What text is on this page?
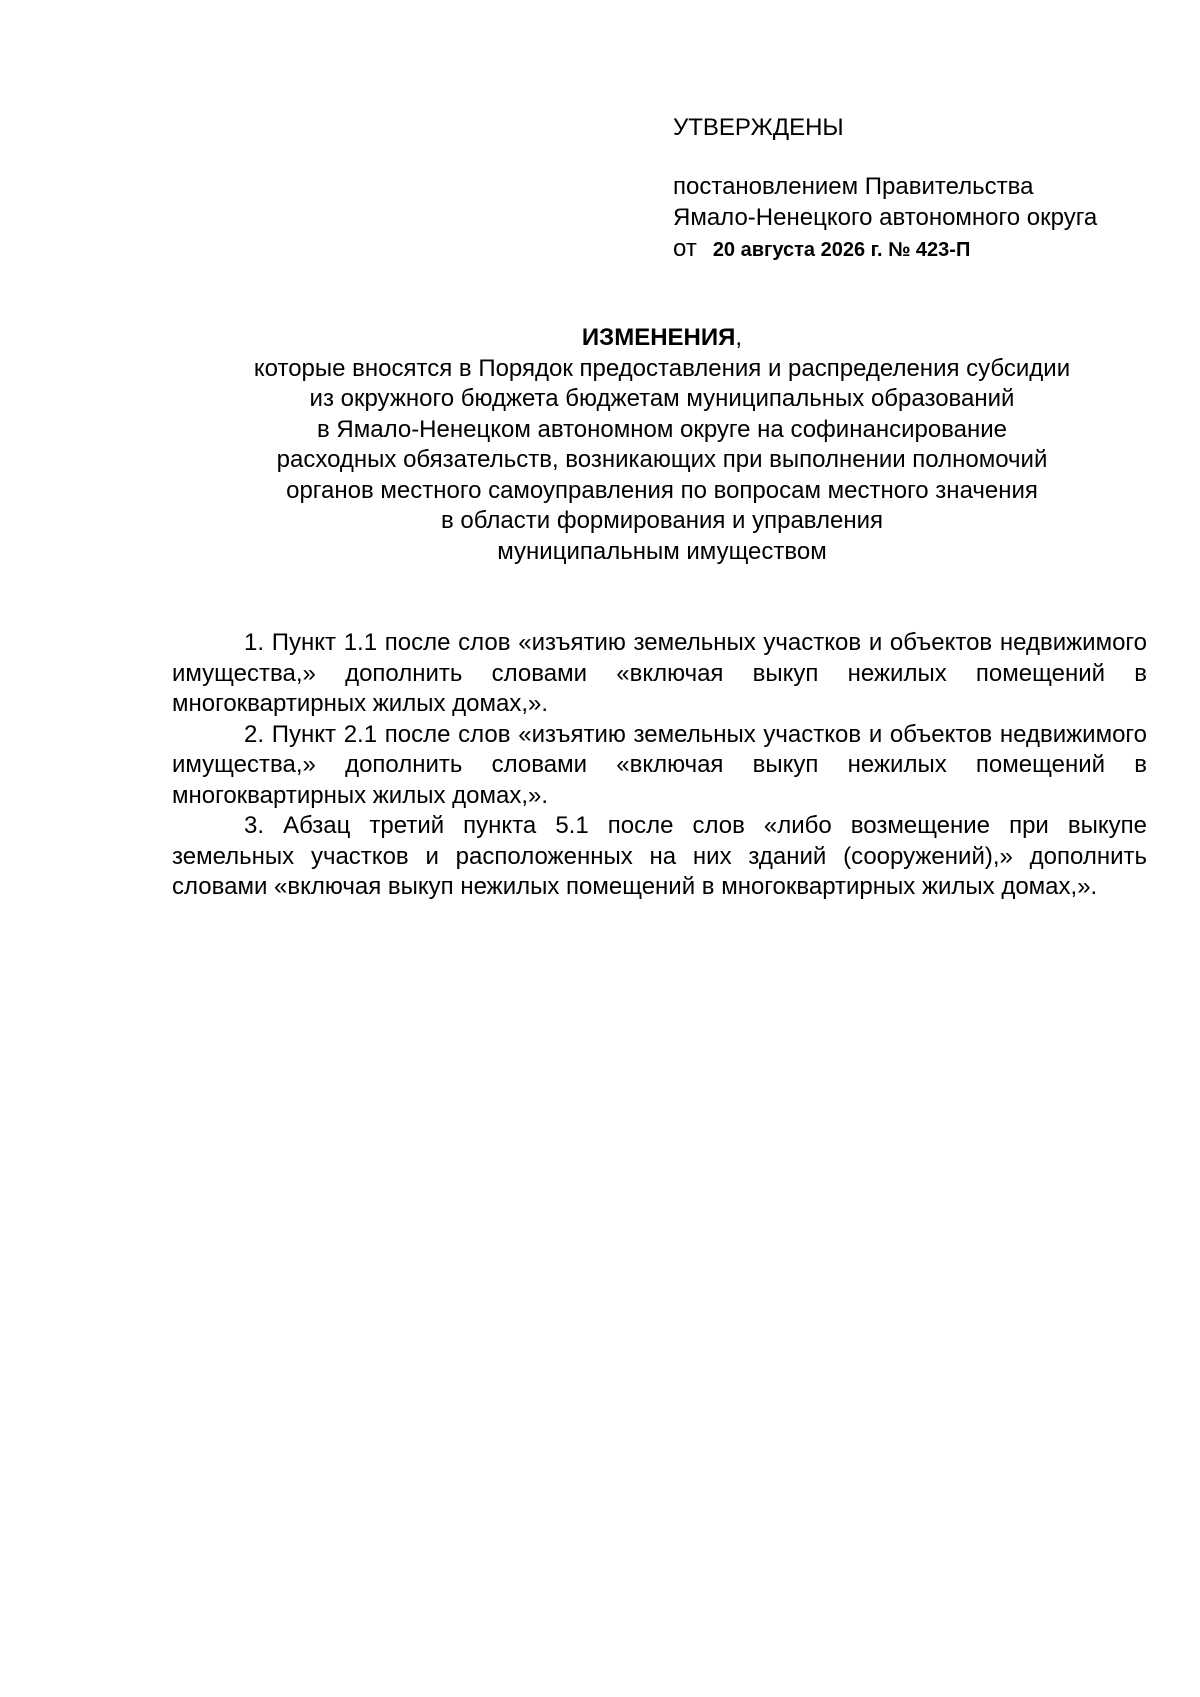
УТВЕРЖДЕНЫ
постановлением Правительства
Ямало-Ненецкого автономного округа
от 20 августа 2026 г. № 423-П
ИЗМЕНЕНИЯ,
которые вносятся в Порядок предоставления и распределения субсидии
из окружного бюджета бюджетам муниципальных образований
в Ямало-Ненецком автономном округе на софинансирование
расходных обязательств, возникающих при выполнении полномочий
органов местного самоуправления по вопросам местного значения
в области формирования и управления
муниципальным имуществом

1. Пункт 1.1 после слов «изъятию земельных участков и объектов недвижимого имущества,» дополнить словами «включая выкуп нежилых помещений в многоквартирных жилых домах,».

2. Пункт 2.1 после слов «изъятию земельных участков и объектов недвижимого имущества,» дополнить словами «включая выкуп нежилых помещений в многоквартирных жилых домах,».

3. Абзац третий пункта 5.1 после слов «либо возмещение при выкупе земельных участков и расположенных на них зданий (сооружений),» дополнить словами «включая выкуп нежилых помещений в многоквартирных жилых домах,».
